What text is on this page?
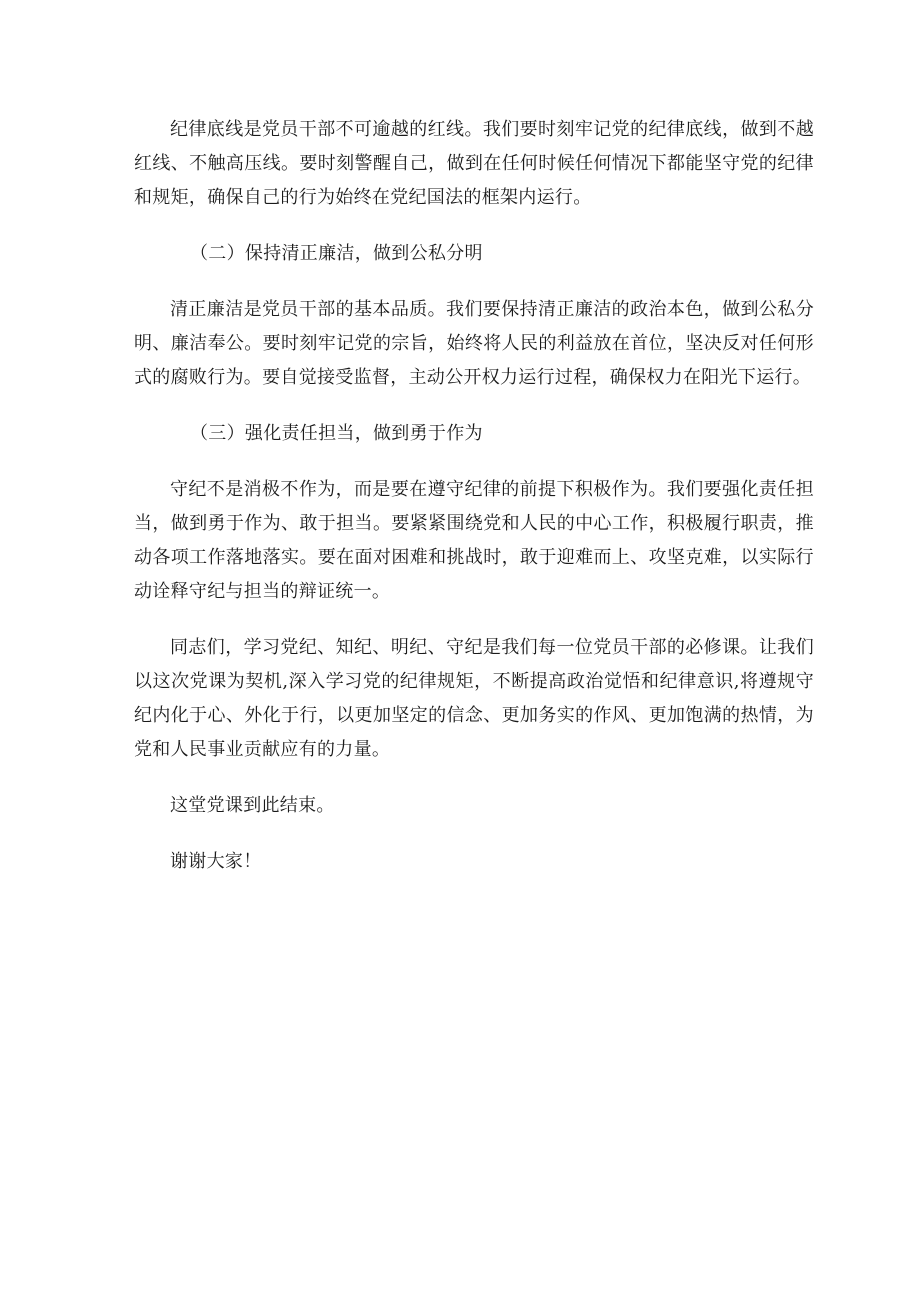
纪律底线是党员干部不可逾越的红线。我们要时刻牢记党的纪律底线，做到不越红线、不触高压线。要时刻警醒自己，做到在任何时候任何情况下都能坚守党的纪律和规矩，确保自己的行为始终在党纪国法的框架内运行。

（二）保持清正廉洁，做到公私分明

清正廉洁是党员干部的基本品质。我们要保持清正廉洁的政治本色，做到公私分明、廉洁奉公。要时刻牢记党的宗旨，始终将人民的利益放在首位，坚决反对任何形式的腐败行为。要自觉接受监督，主动公开权力运行过程，确保权力在阳光下运行。

（三）强化责任担当，做到勇于作为

守纪不是消极不作为，而是要在遵守纪律的前提下积极作为。我们要强化责任担当，做到勇于作为、敢于担当。要紧紧围绕党和人民的中心工作，积极履行职责，推动各项工作落地落实。要在面对困难和挑战时，敢于迎难而上、攻坚克难，以实际行动诠释守纪与担当的辩证统一。

同志们，学习党纪、知纪、明纪、守纪是我们每一位党员干部的必修课。让我们以这次党课为契机,深入学习党的纪律规矩，不断提高政治觉悟和纪律意识,将遵规守纪内化于心、外化于行，以更加坚定的信念、更加务实的作风、更加饱满的热情，为党和人民事业贡献应有的力量。

这堂党课到此结束。

谢谢大家！
